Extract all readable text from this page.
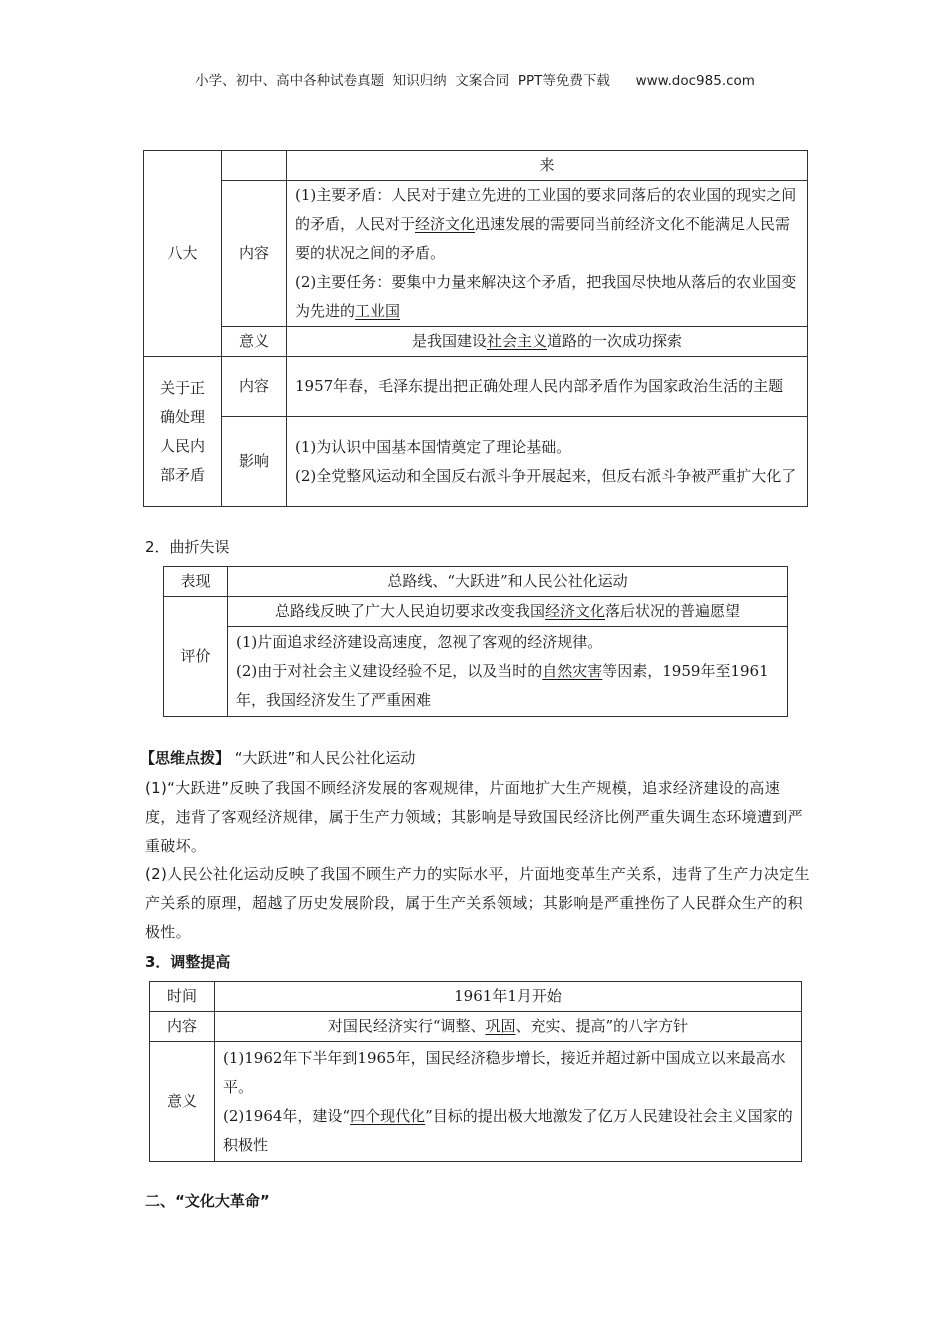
小学、初中、高中各种试卷真题  知识归纳  文案合同  PPT等免费下载      www.doc985.com
八大		来
	内容	(1)主要矛盾：人民对于建立先进的工业国的要求同落后的农业国的现实之间的矛盾，人民对于经济文化迅速发展的需要同当前经济文化不能满足人民需要的状况之间的矛盾。
(2)主要任务：要集中力量来解决这个矛盾，把我国尽快地从落后的农业国变为先进的工业国

	意义	是我国建设社会主义道路的一次成功探索
关于正确处理人民内部矛盾	内容	1957年春，毛泽东提出把正确处理人民内部矛盾作为国家政治生活的主题
	影响	(1)为认识中国基本国情奠定了理论基础。
(2)全党整风运动和全国反右派斗争开展起来，但反右派斗争被严重扩大化了
2．曲折失误
表现	总路线、“大跃进”和人民公社化运动
评价	总路线反映了广大人民迫切要求改变我国经济文化落后状况的普遍愿望

	(1)片面追求经济建设高速度，忽视了客观的经济规律。
(2)由于对社会主义建设经验不足，以及当时的自然灾害等因素，1959年至1961年，我国经济发生了严重困难
【思维点拨】 “大跃进”和人民公社化运动
(1)“大跃进”反映了我国不顾经济发展的客观规律，片面地扩大生产规模，追求经济建设的高速度，违背了客观经济规律，属于生产力领域；其影响是导致国民经济比例严重失调生态环境遭到严重破坏。
(2)人民公社化运动反映了我国不顾生产力的实际水平，片面地变革生产关系，违背了生产力决定生产关系的原理，超越了历史发展阶段，属于生产关系领域；其影响是严重挫伤了人民群众生产的积极性。
3．调整提高
时间	1961年1月开始
内容	对国民经济实行“调整、巩固、充实、提高”的八字方针
意义	(1)1962年下半年到1965年，国民经济稳步增长，接近并超过新中国成立以来最高水平。
(2)1964年，建设“四个现代化”目标的提出极大地激发了亿万人民建设社会主义国家的积极性
二、“文化大革命”
